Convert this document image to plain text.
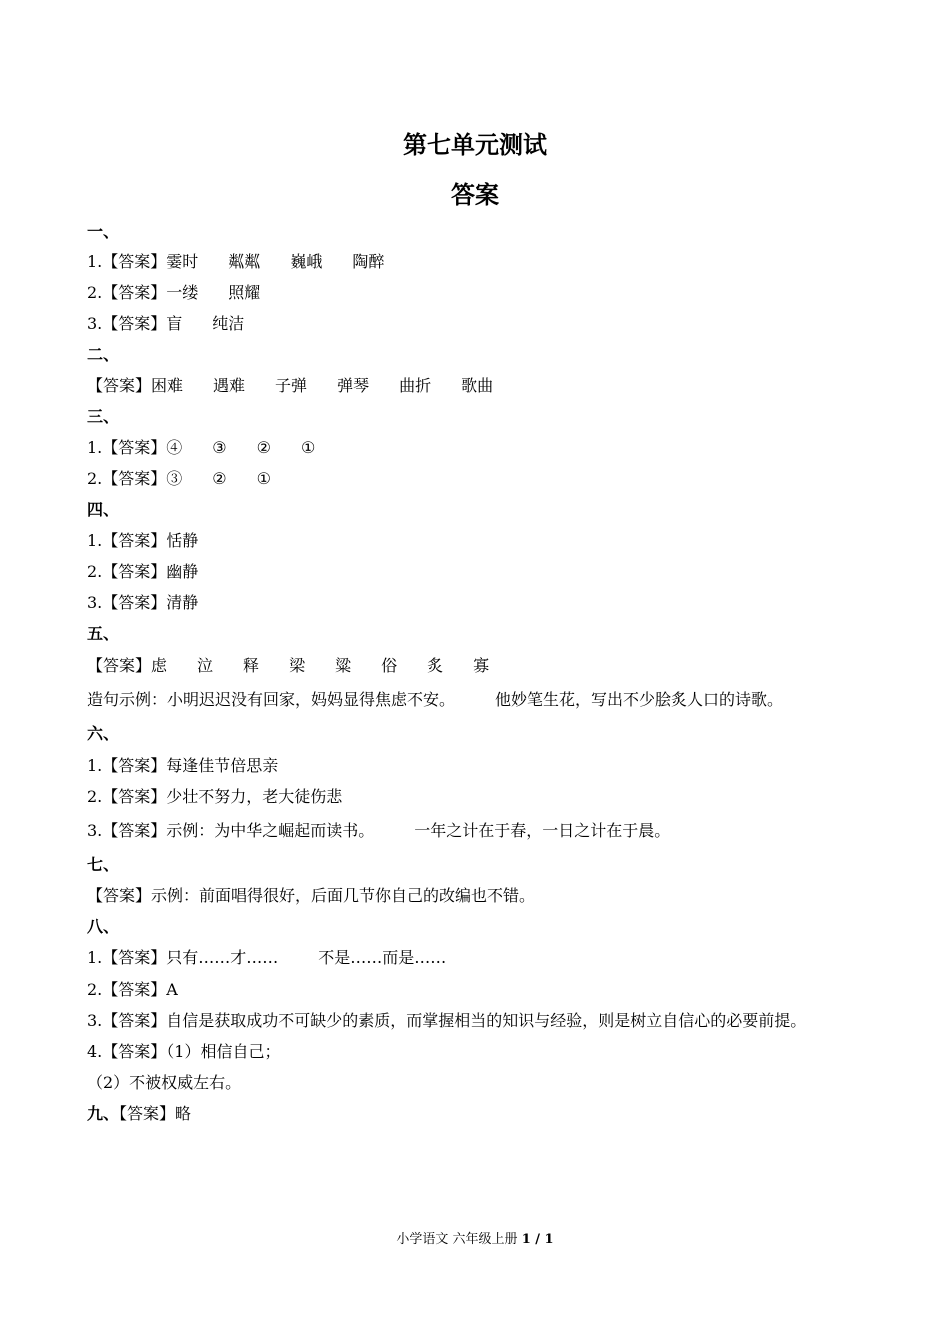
第七单元测试
答案
一、
1.【答案】霎时 粼粼 巍峨 陶醉
2.【答案】一缕 照耀
3.【答案】盲 纯洁
二、
【答案】困难 遇难 子弹 弹琴 曲折 歌曲
三、
1.【答案】④ ③ ② ①
2.【答案】③ ② ①
四、
1.【答案】恬静
2.【答案】幽静
3.【答案】清静
五、
【答案】虑 泣 释 梁 粱 俗 炙 寡
造句示例：小明迟迟没有回家，妈妈显得焦虑不安。	他妙笔生花，写出不少脍炙人口的诗歌。
六、
1.【答案】每逢佳节倍思亲
2.【答案】少壮不努力，老大徒伤悲
3.【答案】示例：为中华之崛起而读书。	一年之计在于春，一日之计在于晨。
七、
【答案】示例：前面唱得很好，后面几节你自己的改编也不错。
八、
1.【答案】只有……才……	不是……而是……
2.【答案】A
3.【答案】自信是获取成功不可缺少的素质，而掌握相当的知识与经验，则是树立自信心的必要前提。
4.【答案】（1）相信自己；
（2）不被权威左右。
九、【答案】略
小学语文 六年级上册 1 / 1
